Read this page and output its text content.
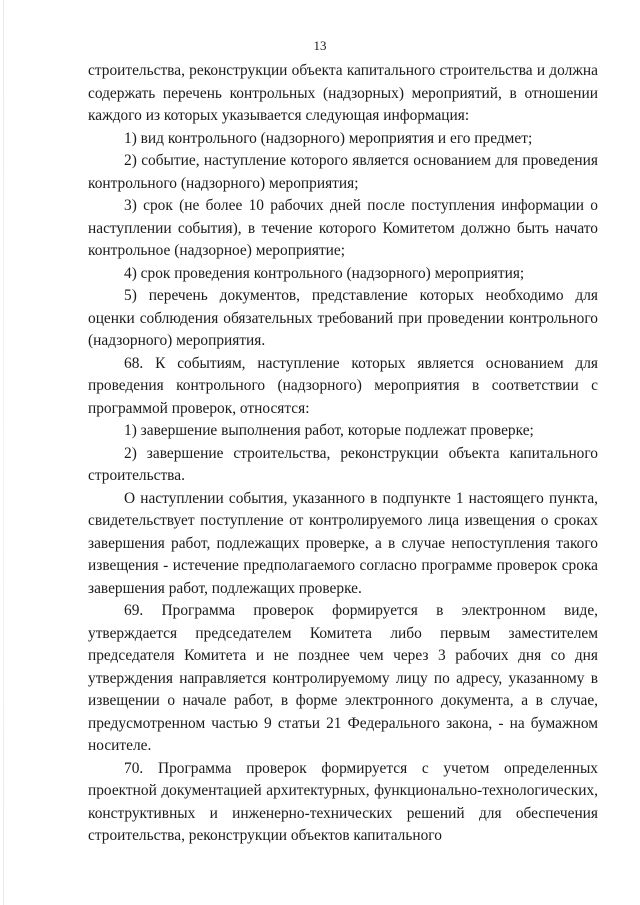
13

строительства, реконструкции объекта капитального строительства и должна содержать перечень контрольных (надзорных) мероприятий, в отношении каждого из которых указывается следующая информация:

1) вид контрольного (надзорного) мероприятия и его предмет;

2) событие, наступление которого является основанием для проведения контрольного (надзорного) мероприятия;

3) срок (не более 10 рабочих дней после поступления информации о наступлении события), в течение которого Комитетом должно быть начато контрольное (надзорное) мероприятие;

4) срок проведения контрольного (надзорного) мероприятия;

5) перечень документов, представление которых необходимо для оценки соблюдения обязательных требований при проведении контрольного (надзорного) мероприятия.

68. К событиям, наступление которых является основанием для проведения контрольного (надзорного) мероприятия в соответствии с программой проверок, относятся:

1) завершение выполнения работ, которые подлежат проверке;

2) завершение строительства, реконструкции объекта капитального строительства.

О наступлении события, указанного в подпункте 1 настоящего пункта, свидетельствует поступление от контролируемого лица извещения о сроках завершения работ, подлежащих проверке, а в случае непоступления такого извещения - истечение предполагаемого согласно программе проверок срока завершения работ, подлежащих проверке.

69. Программа проверок формируется в электронном виде, утверждается председателем Комитета либо первым заместителем председателя Комитета и не позднее чем через 3 рабочих дня со дня утверждения направляется контролируемому лицу по адресу, указанному в извещении о начале работ, в форме электронного документа, а в случае, предусмотренном частью 9 статьи 21 Федерального закона, - на бумажном носителе.

70. Программа проверок формируется с учетом определенных проектной документацией архитектурных, функционально-технологических, конструктивных и инженерно-технических решений для обеспечения строительства, реконструкции объектов капитального
